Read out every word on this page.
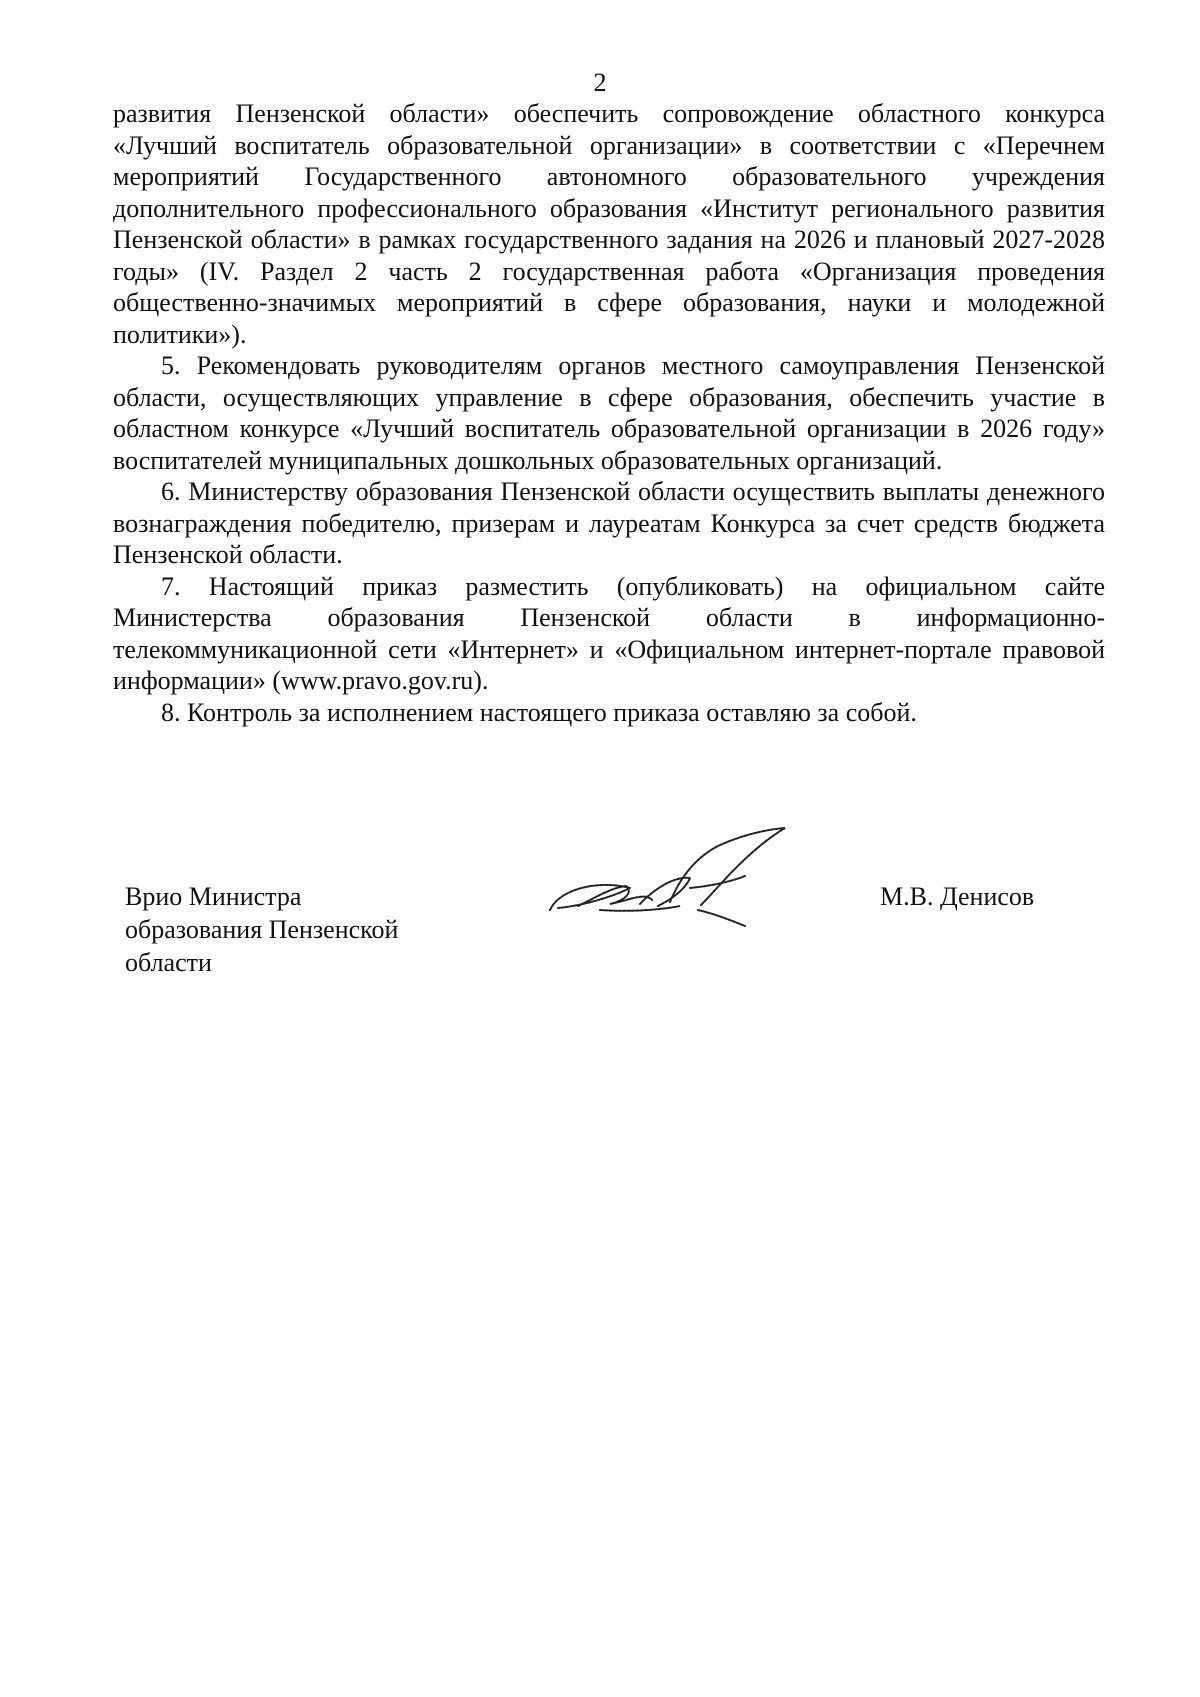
2

развития Пензенской области» обеспечить сопровождение областного конкурса «Лучший воспитатель образовательной организации» в соответствии с «Перечнем мероприятий Государственного автономного образовательного учреждения дополнительного профессионального образования «Институт регионального развития Пензенской области» в рамках государственного задания на 2026 и плановый 2027-2028 годы» (IV. Раздел 2 часть 2 государственная работа «Организация проведения общественно-значимых мероприятий в сфере образования, науки и молодежной политики»).

5. Рекомендовать руководителям органов местного самоуправления Пензенской области, осуществляющих управление в сфере образования, обеспечить участие в областном конкурсе «Лучший воспитатель образовательной организации в 2026 году» воспитателей муниципальных дошкольных образовательных организаций.

6. Министерству образования Пензенской области осуществить выплаты денежного вознаграждения победителю, призерам и лауреатам Конкурса за счет средств бюджета Пензенской области.

7. Настоящий приказ разместить (опубликовать) на официальном сайте Министерства образования Пензенской области в информационно-телекоммуникационной сети «Интернет» и «Официальном интернет-портале правовой информации» (www.pravo.gov.ru).

8. Контроль за исполнением настоящего приказа оставляю за собой.

Врио Министра
образования Пензенской
области
М.В. Денисов
